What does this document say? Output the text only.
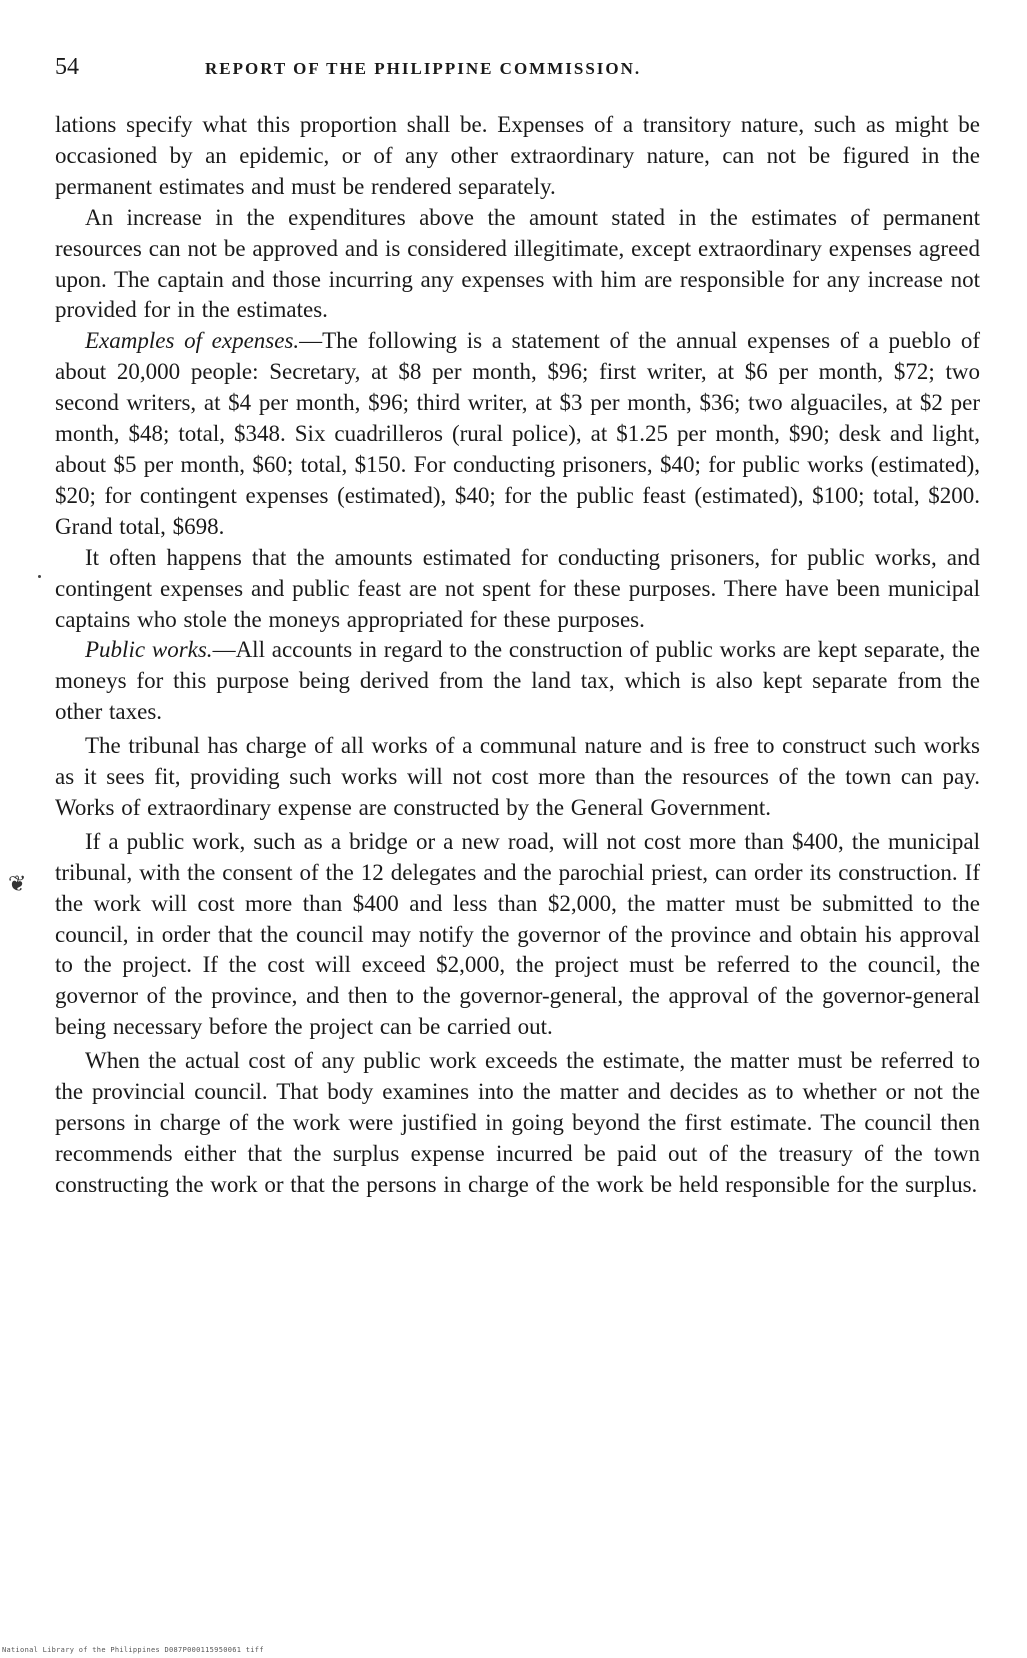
54	REPORT OF THE PHILIPPINE COMMISSION.

lations specify what this proportion shall be. Expenses of a transitory nature, such as might be occasioned by an epidemic, or of any other extraordinary nature, can not be figured in the permanent estimates and must be rendered separately.

An increase in the expenditures above the amount stated in the estimates of permanent resources can not be approved and is considered illegitimate, except extraordinary expenses agreed upon. The captain and those incurring any expenses with him are responsible for any increase not provided for in the estimates.

Examples of expenses.—The following is a statement of the annual expenses of a pueblo of about 20,000 people: Secretary, at $8 per month, $96; first writer, at $6 per month, $72; two second writers, at $4 per month, $96; third writer, at $3 per month, $36; two alguaciles, at $2 per month, $48; total, $348. Six cuadrilleros (rural police), at $1.25 per month, $90; desk and light, about $5 per month, $60; total, $150. For conducting prisoners, $40; for public works (estimated), $20; for contingent expenses (estimated), $40; for the public feast (estimated), $100; total, $200. Grand total, $698.

It often happens that the amounts estimated for conducting prisoners, for public works, and contingent expenses and public feast are not spent for these purposes. There have been municipal captains who stole the moneys appropriated for these purposes.

Public works.—All accounts in regard to the construction of public works are kept separate, the moneys for this purpose being derived from the land tax, which is also kept separate from the other taxes.

The tribunal has charge of all works of a communal nature and is free to construct such works as it sees fit, providing such works will not cost more than the resources of the town can pay. Works of extraordinary expense are constructed by the General Government.

If a public work, such as a bridge or a new road, will not cost more than $400, the municipal tribunal, with the consent of the 12 delegates and the parochial priest, can order its construction. If the work will cost more than $400 and less than $2,000, the matter must be submitted to the council, in order that the council may notify the governor of the province and obtain his approval to the project. If the cost will exceed $2,000, the project must be referred to the council, the governor of the province, and then to the governor-general, the approval of the governor-general being necessary before the project can be carried out.

When the actual cost of any public work exceeds the estimate, the matter must be referred to the provincial council. That body examines into the matter and decides as to whether or not the persons in charge of the work were justified in going beyond the first estimate. The council then recommends either that the surplus expense incurred be paid out of the treasury of the town constructing the work or that the persons in charge of the work be held responsible for the surplus.

❦
National Library of the Philippines D087P000115950061 tiff
